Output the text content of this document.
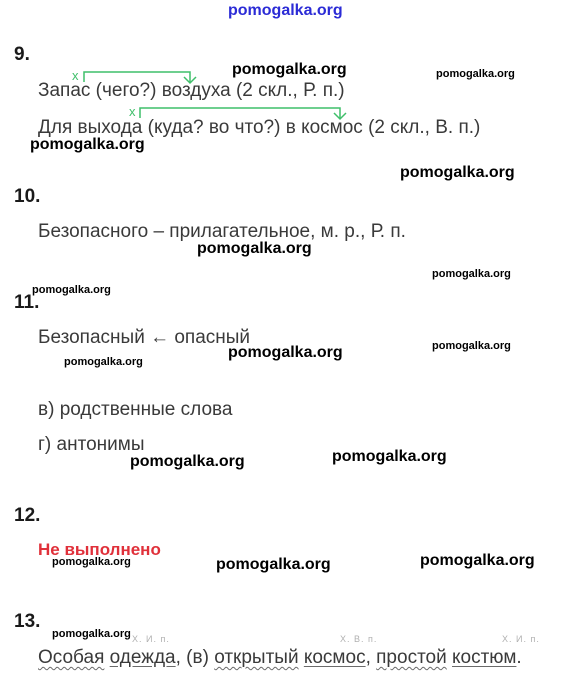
pomogalka.org
x
x
9.
Запас (чего?) воздуха (2 скл., Р. п.)
Для выхода (куда? во что?) в космос (2 скл., В. п.)
10.
Безопасного – прилагательное, м. р., Р. п.
11.
Безопасный ← опасный
в) родственные слова
г) антонимы
12.
Не выполнено
13.
Х. И. п.	Х. В. п.	Х. И. п.
Особая одежда, (в) открытый космос, простой костюм.
pomogalka.org	pomogalka.org
pomogalka.org
pomogalka.org
pomogalka.org
pomogalka.org
pomogalka.org
pomogalka.org
pomogalka.org
pomogalka.org
pomogalka.org
pomogalka.org
pomogalka.org
pomogalka.org	pomogalka.org
pomogalka.org
